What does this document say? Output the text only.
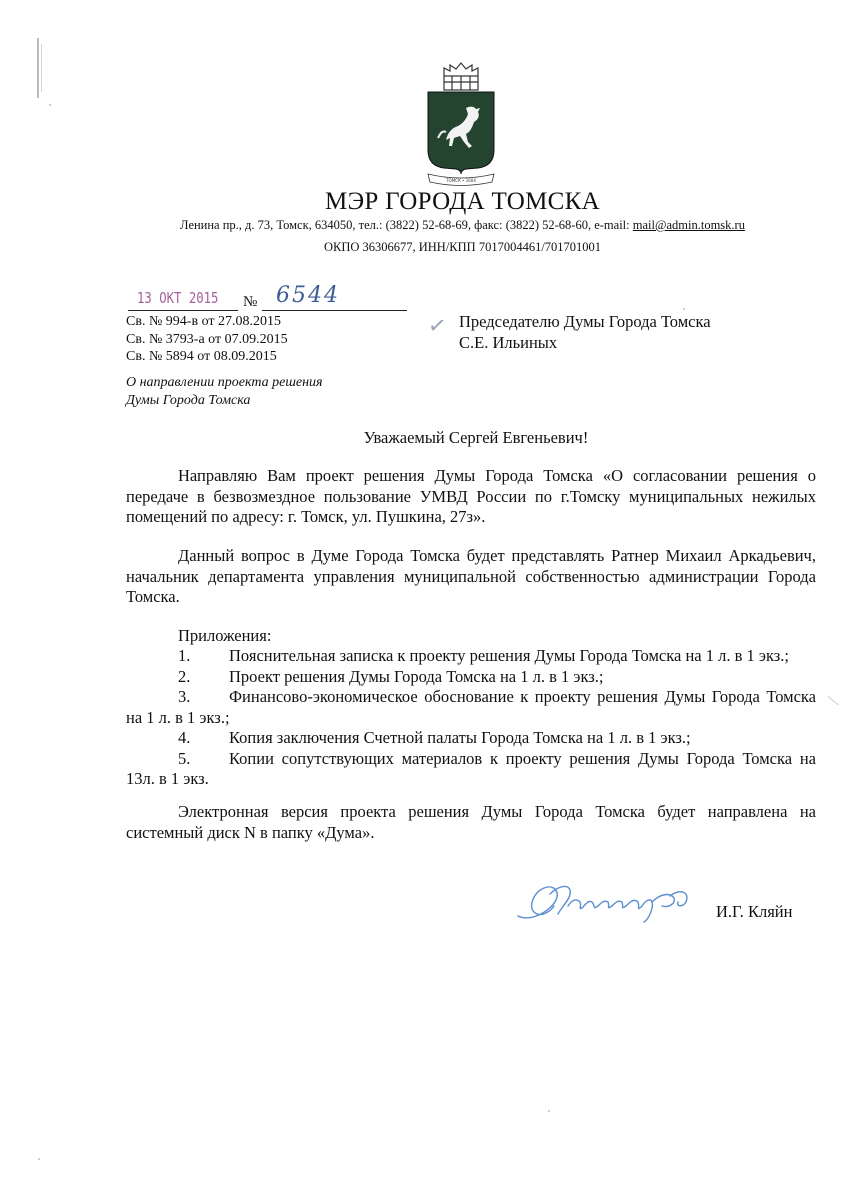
ТОМСК • 1604
МЭР ГОРОДА ТОМСКА
Ленина пр., д. 73, Томск, 634050, тел.: (3822) 52-68-69, факс: (3822) 52-68-60, e-mail: mail@admin.tomsk.ru
ОКПО 36306677, ИНН/КПП 7017004461/701701001
13 ОКТ 2015 № 6544
Св. № 994-в от 27.08.2015
Св. № 3793-а от 07.09.2015
Св. № 5894 от 08.09.2015
✓ Председателю Думы Города Томска
С.Е. Ильиных
О направлении проекта решения
Думы Города Томска
Уважаемый Сергей Евгеньевич!
Направляю Вам проект решения Думы Города Томска «О согласовании решения о передаче в безвозмездное пользование УМВД России по г.Томску муниципальных нежилых помещений по адресу: г. Томск, ул. Пушкина, 27з».
Данный вопрос в Думе Города Томска будет представлять Ратнер Михаил Аркадьевич, начальник департамента управления муниципальной собственностью администрации Города Томска.
Приложения:
1.	Пояснительная записка к проекту решения Думы Города Томска на 1 л. в 1 экз.;
2.	Проект решения Думы Города Томска на 1 л. в 1 экз.;
3.	Финансово-экономическое обоснование к проекту решения Думы Города Томска на 1 л. в 1 экз.;
4.	Копия заключения Счетной палаты Города Томска на 1 л. в 1 экз.;
5.	Копии сопутствующих материалов к проекту решения Думы Города Томска на 13л. в 1 экз.
Электронная версия проекта решения Думы Города Томска будет направлена на системный диск N в папку «Дума».
И.Г. Кляйн
